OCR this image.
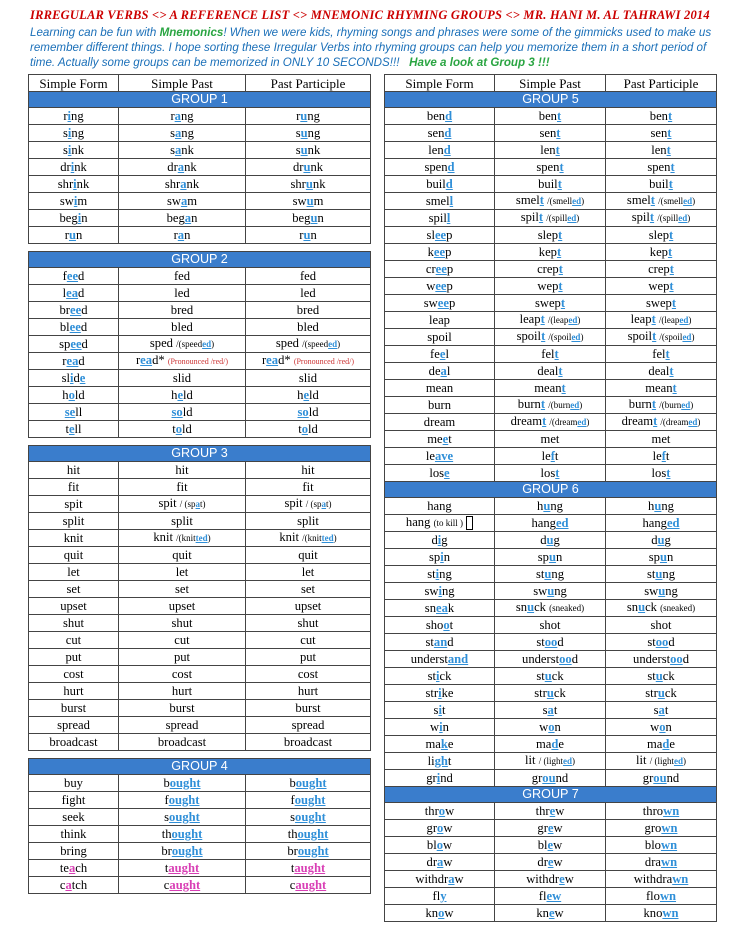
IRREGULAR VERBS <> A REFERENCE LIST <> MNEMONIC RHYMING GROUPS <> MR. HANI M. AL TAHRAWI 2014
Learning can be fun with Mnemonics! When we were kids, rhyming songs and phrases were some of the gimmicks used to make us remember different things. I hope sorting these Irregular Verbs into rhyming groups can help you memorize them in a short period of time. Actually some groups can be memorized in ONLY 10 SECONDS!!! Have a look at Group 3 !!!
Simple Form	Simple Past	Past Participle
GROUP 1		
ring	rang	rung
sing	sang	sung
sink	sank	sunk
drink	drank	drunk
shrink	shrank	shrunk
swim	swam	swum
begin	began	begun
run	ran	run

GROUP 2		
feed	fed	fed
lead	led	led
breed	bred	bred
bleed	bled	bled
speed	sped /(speeded)	sped /(speeded)
read	read* (Pronounced /red/)	read* (Pronounced /red/)
slide	slid	slid
hold	held	held
sell	sold	sold
tell	told	told

GROUP 3		
hit	hit	hit
fit	fit	fit
spit	spit / (spat)	spit / (spat)
split	split	split
knit	knit /(knitted)	knit /(knitted)
quit	quit	quit
let	let	let
set	set	set
upset	upset	upset
shut	shut	shut
cut	cut	cut
put	put	put
cost	cost	cost
hurt	hurt	hurt
burst	burst	burst
spread	spread	spread
broadcast	broadcast	broadcast

GROUP 4		
buy	bought	bought
fight	fought	fought
seek	sought	sought
think	thought	thought
bring	brought	brought
teach	taught	taught
catch	caught	caught
Simple Form	Simple Past	Past Participle
GROUP 5		
bend	bent	bent
send	sent	sent
lend	lent	lent
spend	spent	spent
build	built	built
smell	smelt /(smelled)	smelt /(smelled)
spill	spilt /(spilled)	spilt /(spilled)
sleep	slept	slept
keep	kept	kept
creep	crept	crept
weep	wept	wept
sweep	swept	swept
leap	leapt /(leaped)	leapt /(leaped)
spoil	spoilt /(spoiled)	spoilt /(spoiled)
feel	felt	felt
deal	dealt	dealt
mean	meant	meant
burn	burnt /(burned)	burnt /(burned)
dream	dreamt /(dreamed)	dreamt /(dreamed)
meet	met	met
leave	left	left
lose	lost	lost
GROUP 6		
hang	hung	hung
hang (to kill )	hanged	hanged
dig	dug	dug
spin	spun	spun
sting	stung	stung
swing	swung	swung
sneak	snuck (sneaked)	snuck (sneaked)
shoot	shot	shot
stand	stood	stood
understand	understood	understood
stick	stuck	stuck
strike	struck	struck
sit	sat	sat
win	won	won
make	made	made
light	lit / (lighted)	lit / (lighted)
grind	ground	ground
GROUP 7		
throw	threw	thrown
grow	grew	grown
blow	blew	blown
draw	drew	drawn
withdraw	withdrew	withdrawn
fly	flew	flown
know	knew	known
